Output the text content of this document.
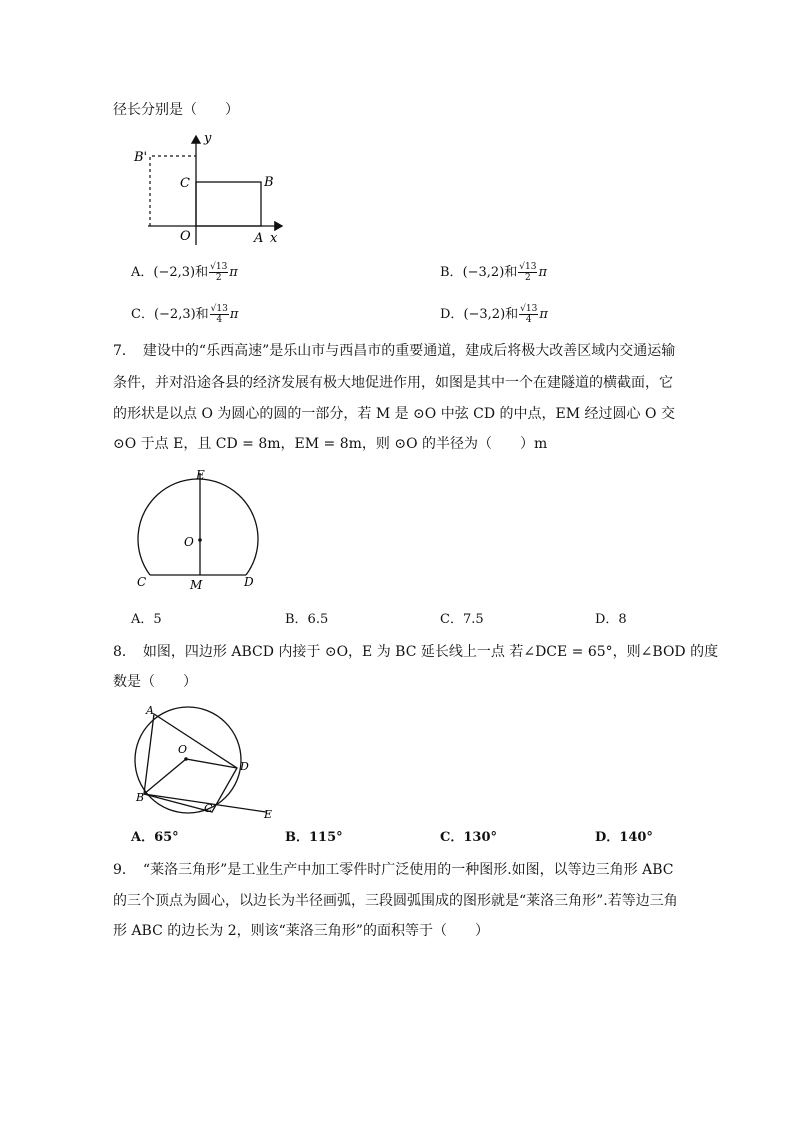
径长分别是（　　）
y
x
B'
C	B
O	A
A．(−2,3)和 $\frac{√13}{2}$ π	B．(−3,2)和 $\frac{√13}{2}$ π
C．(−2,3)和 $\frac{√13}{4}$ π	D．(−3,2)和 $\frac{√13}{4}$ π
7．　建设中的“乐西高速”是乐山市与西昌市的重要通道，建成后将极大改善区域内交通运输
条件，并对沿途各县的经济发展有极大地促进作用，如图是其中一个在建隧道的横截面，它
的形状是以点 O 为圆心的圆的一部分，若 M 是 ⊙O 中弦 CD 的中点，EM 经过圆心 O 交
⊙O 于点 E，且 CD = 8m，EM = 8m，则 ⊙O 的半径为（　　）m
E
O
C	M	D
A．5	B．6.5	C．7.5	D．8
8．　如图，四边形 ABCD 内接于 ⊙O，E 为 BC 延长线上一点 若∠DCE = 65°，则∠BOD 的度
数是（　　）
A
O
D
B
C	E
A．65°	B．115°	C．130°	D．140°
9．　“莱洛三角形”是工业生产中加工零件时广泛使用的一种图形.如图，以等边三角形 ABC
的三个顶点为圆心，以边长为半径画弧，三段圆弧围成的图形就是“莱洛三角形”.若等边三角
形 ABC 的边长为 2，则该“莱洛三角形”的面积等于（　　）
